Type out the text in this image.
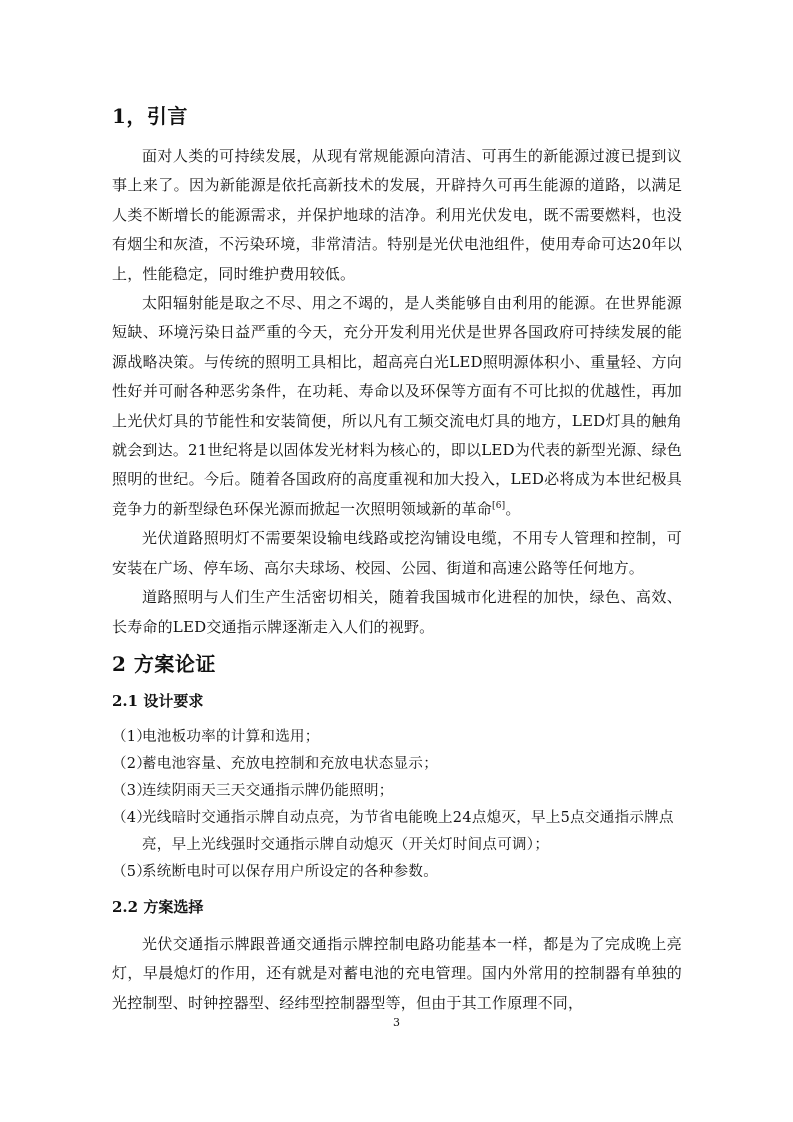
1，引言

面对人类的可持续发展，从现有常规能源向清洁、可再生的新能源过渡已提到议事上来了。因为新能源是依托高新技术的发展，开辟持久可再生能源的道路，以满足人类不断增长的能源需求，并保护地球的洁净。利用光伏发电，既不需要燃料，也没有烟尘和灰渣，不污染环境，非常清洁。特别是光伏电池组件，使用寿命可达20年以上，性能稳定，同时维护费用较低。

太阳辐射能是取之不尽、用之不竭的，是人类能够自由利用的能源。在世界能源短缺、环境污染日益严重的今天，充分开发利用光伏是世界各国政府可持续发展的能源战略决策。与传统的照明工具相比，超高亮白光LED照明源体积小、重量轻、方向性好并可耐各种恶劣条件，在功耗、寿命以及环保等方面有不可比拟的优越性，再加上光伏灯具的节能性和安装简便，所以凡有工频交流电灯具的地方，LED灯具的触角就会到达。21世纪将是以固体发光材料为核心的，即以LED为代表的新型光源、绿色照明的世纪。今后。随着各国政府的高度重视和加大投入，LED必将成为本世纪极具竞争力的新型绿色环保光源而掀起一次照明领域新的革命[6]。

光伏道路照明灯不需要架设输电线路或挖沟铺设电缆，不用专人管理和控制，可安装在广场、停车场、高尔夫球场、校园、公园、街道和高速公路等任何地方。

道路照明与人们生产生活密切相关，随着我国城市化进程的加快，绿色、高效、长寿命的LED交通指示牌逐渐走入人们的视野。

2 方案论证
2.1 设计要求
（1）电池板功率的计算和选用；
（2）蓄电池容量、充放电控制和充放电状态显示；
（3）连续阴雨天三天交通指示牌仍能照明；
（4）光线暗时交通指示牌自动点亮，为节省电能晚上24点熄灭，早上5点交通指示牌点亮，早上光线强时交通指示牌自动熄灭（开关灯时间点可调）；
（5）系统断电时可以保存用户所设定的各种参数。
2.2 方案选择

光伏交通指示牌跟普通交通指示牌控制电路功能基本一样，都是为了完成晚上亮灯，早晨熄灯的作用，还有就是对蓄电池的充电管理。国内外常用的控制器有单独的光控制型、时钟控器型、经纬型控制器型等，但由于其工作原理不同，

3
